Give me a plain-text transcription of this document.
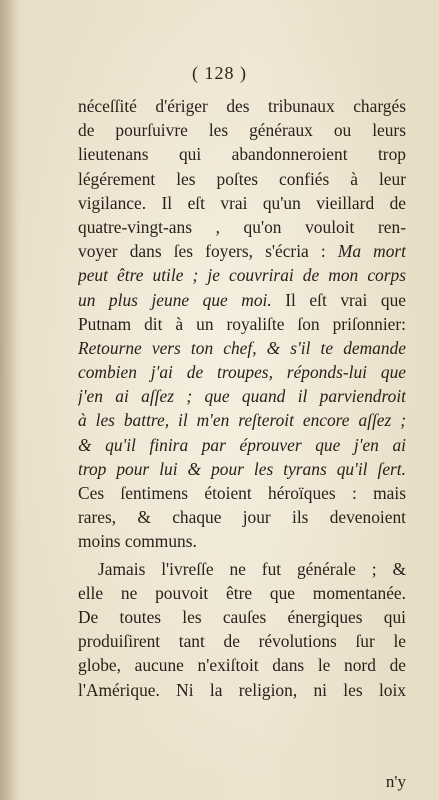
( 128 )
néceſſité d'ériger des tribunaux chargés
de pourſuivre les généraux ou leurs
lieutenans qui abandonneroient trop
légérement les poſtes confiés à leur
vigilance. Il eſt vrai qu'un vieillard de
quatre-vingt-ans , qu'on vouloit ren-
voyer dans ſes foyers, s'écria : Ma mort
peut être utile ; je couvrirai de mon corps
un plus jeune que moi. Il eſt vrai que
Putnam dit à un royaliſte ſon priſonnier:
Retourne vers ton chef, & s'il te demande
combien j'ai de troupes, réponds-lui que
j'en ai aſſez ; que quand il parviendroit
à les battre, il m'en reſteroit encore aſſez ;
& qu'il finira par éprouver que j'en ai
trop pour lui & pour les tyrans qu'il ſert.
Ces ſentimens étoient héroïques : mais
rares, & chaque jour ils devenoient
moins communs.
Jamais l'ivreſſe ne fut générale ; &
elle ne pouvoit être que momentanée.
De toutes les cauſes énergiques qui
produiſirent tant de révolutions ſur le
globe, aucune n'exiſtoit dans le nord de
l'Amérique. Ni la religion, ni les loix
n'y
